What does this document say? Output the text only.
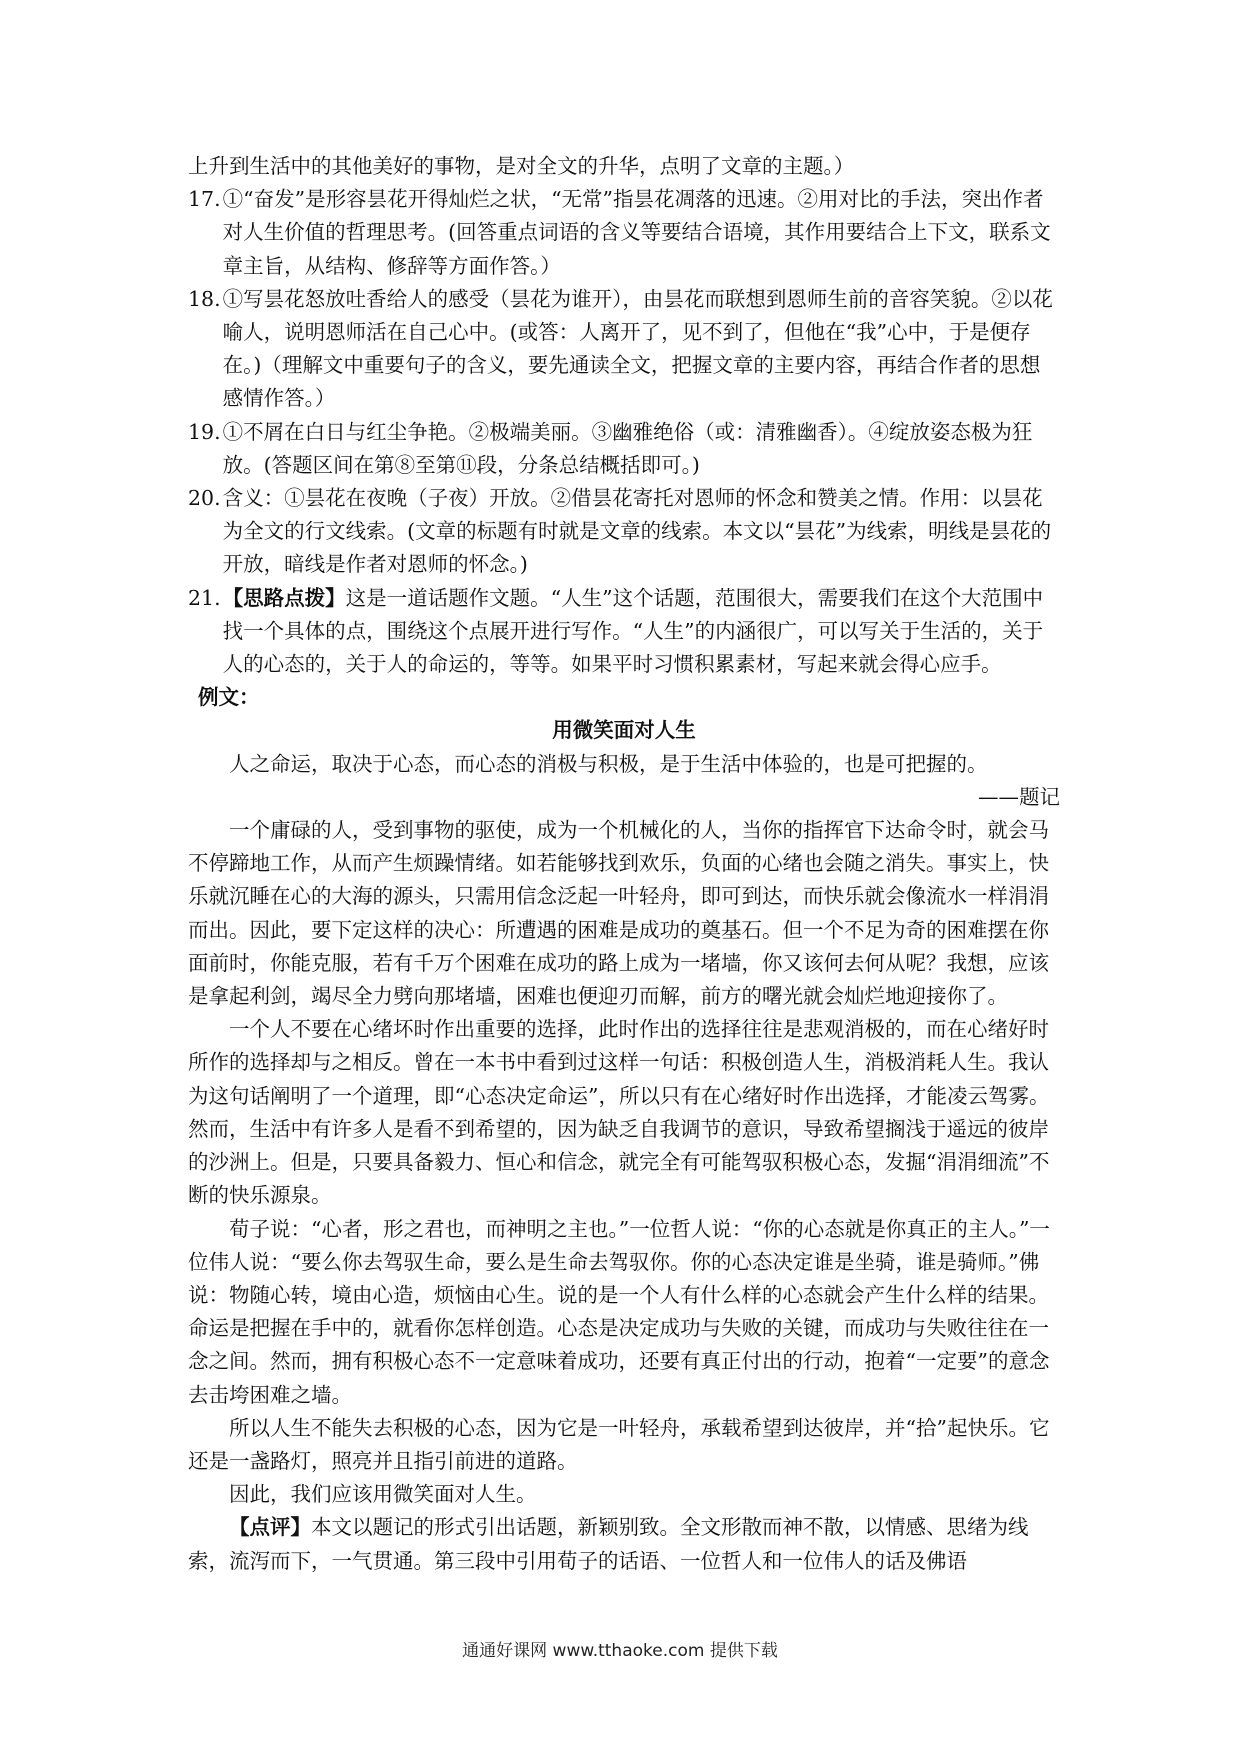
上升到生活中的其他美好的事物，是对全文的升华，点明了文章的主题。）

17. ①“奋发”是形容昙花开得灿烂之状，“无常”指昙花凋落的迅速。②用对比的手法，突出作者对人生价值的哲理思考。(回答重点词语的含义等要结合语境，其作用要结合上下文，联系文章主旨，从结构、修辞等方面作答。）
18. ①写昙花怒放吐香给人的感受（昙花为谁开），由昙花而联想到恩师生前的音容笑貌。②以花喻人，说明恩师活在自己心中。(或答：人离开了，见不到了，但他在“我”心中，于是便存在。)（理解文中重要句子的含义，要先通读全文，把握文章的主要内容，再结合作者的思想感情作答。）
19. ①不屑在白日与红尘争艳。②极端美丽。③幽雅绝俗（或：清雅幽香）。④绽放姿态极为狂放。(答题区间在第⑧至第⑪段，分条总结概括即可。)
20. 含义：①昙花在夜晚（子夜）开放。②借昙花寄托对恩师的怀念和赞美之情。作用：以昙花为全文的行文线索。(文章的标题有时就是文章的线索。本文以“昙花”为线索，明线是昙花的开放，暗线是作者对恩师的怀念。)
21. 【思路点拨】这是一道话题作文题。“人生”这个话题，范围很大，需要我们在这个大范围中找一个具体的点，围绕这个点展开进行写作。“人生”的内涵很广，可以写关于生活的，关于人的心态的，关于人的命运的，等等。如果平时习惯积累素材，写起来就会得心应手。

例文：

用微笑面对人生

人之命运，取决于心态，而心态的消极与积极，是于生活中体验的，也是可把握的。

——题记

一个庸碌的人，受到事物的驱使，成为一个机械化的人，当你的指挥官下达命令时，就会马不停蹄地工作，从而产生烦躁情绪。如若能够找到欢乐，负面的心绪也会随之消失。事实上，快乐就沉睡在心的大海的源头，只需用信念泛起一叶轻舟，即可到达，而快乐就会像流水一样涓涓而出。因此，要下定这样的决心：所遭遇的困难是成功的奠基石。但一个不足为奇的困难摆在你面前时，你能克服，若有千万个困难在成功的路上成为一堵墙，你又该何去何从呢？我想，应该是拿起利剑，竭尽全力劈向那堵墙，困难也便迎刃而解，前方的曙光就会灿烂地迎接你了。

一个人不要在心绪坏时作出重要的选择，此时作出的选择往往是悲观消极的，而在心绪好时所作的选择却与之相反。曾在一本书中看到过这样一句话：积极创造人生，消极消耗人生。我认为这句话阐明了一个道理，即“心态决定命运”，所以只有在心绪好时作出选择，才能凌云驾雾。然而，生活中有许多人是看不到希望的，因为缺乏自我调节的意识，导致希望搁浅于遥远的彼岸的沙洲上。但是，只要具备毅力、恒心和信念，就完全有可能驾驭积极心态，发掘“涓涓细流”不断的快乐源泉。

荀子说：“心者，形之君也，而神明之主也。”一位哲人说：“你的心态就是你真正的主人。”一位伟人说：“要么你去驾驭生命，要么是生命去驾驭你。你的心态决定谁是坐骑，谁是骑师。”佛说：物随心转，境由心造，烦恼由心生。说的是一个人有什么样的心态就会产生什么样的结果。命运是把握在手中的，就看你怎样创造。心态是决定成功与失败的关键，而成功与失败往往在一念之间。然而，拥有积极心态不一定意味着成功，还要有真正付出的行动，抱着“一定要”的意念去击垮困难之墙。

所以人生不能失去积极的心态，因为它是一叶轻舟，承载希望到达彼岸，并“拾”起快乐。它还是一盏路灯，照亮并且指引前进的道路。

因此，我们应该用微笑面对人生。

【点评】本文以题记的形式引出话题，新颖别致。全文形散而神不散，以情感、思绪为线索，流泻而下，一气贯通。第三段中引用荀子的话语、一位哲人和一位伟人的话及佛语

通通好课网 www.tthaoke.com 提供下载
